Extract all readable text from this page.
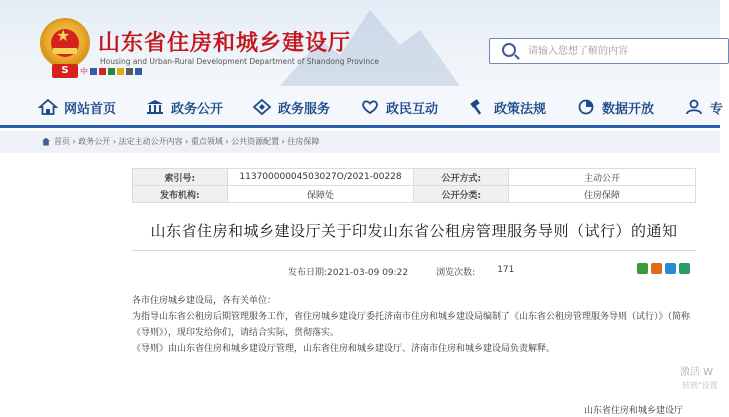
★ 山东省住房和城乡建设厅
Housing and Urban-Rural Development Department of Shandong Province
S	中
请输入您想了解的内容
网站首页	政务公开	政务服务	政民互动	政策法规	数据开放	专
首页 › 政务公开 › 法定主动公开内容 › 重点领域 › 公共资源配置 › 住房保障
索引号:	11370000004503027O/2021-00228	公开方式:	主动公开
发布机构:	保障处	公开分类:	住房保障
山东省住房和城乡建设厅关于印发山东省公租房管理服务导则（试行）的通知
发布日期:2021-03-09 09:22	浏览次数: 171

各市住房城乡建设局，各有关单位：

为指导山东省公租房后期管理服务工作，省住房城乡建设厅委托济南市住房和城乡建设局编制了《山东省公租房管理服务导则（试行）》（简称《导则》），现印发给你们，请结合实际，贯彻落实。

《导则》由山东省住房和城乡建设厅管理，山东省住房和城乡建设厅、济南市住房和城乡建设局负责解释。

山东省住房和城乡建设厅
激活 W
转到"设置
